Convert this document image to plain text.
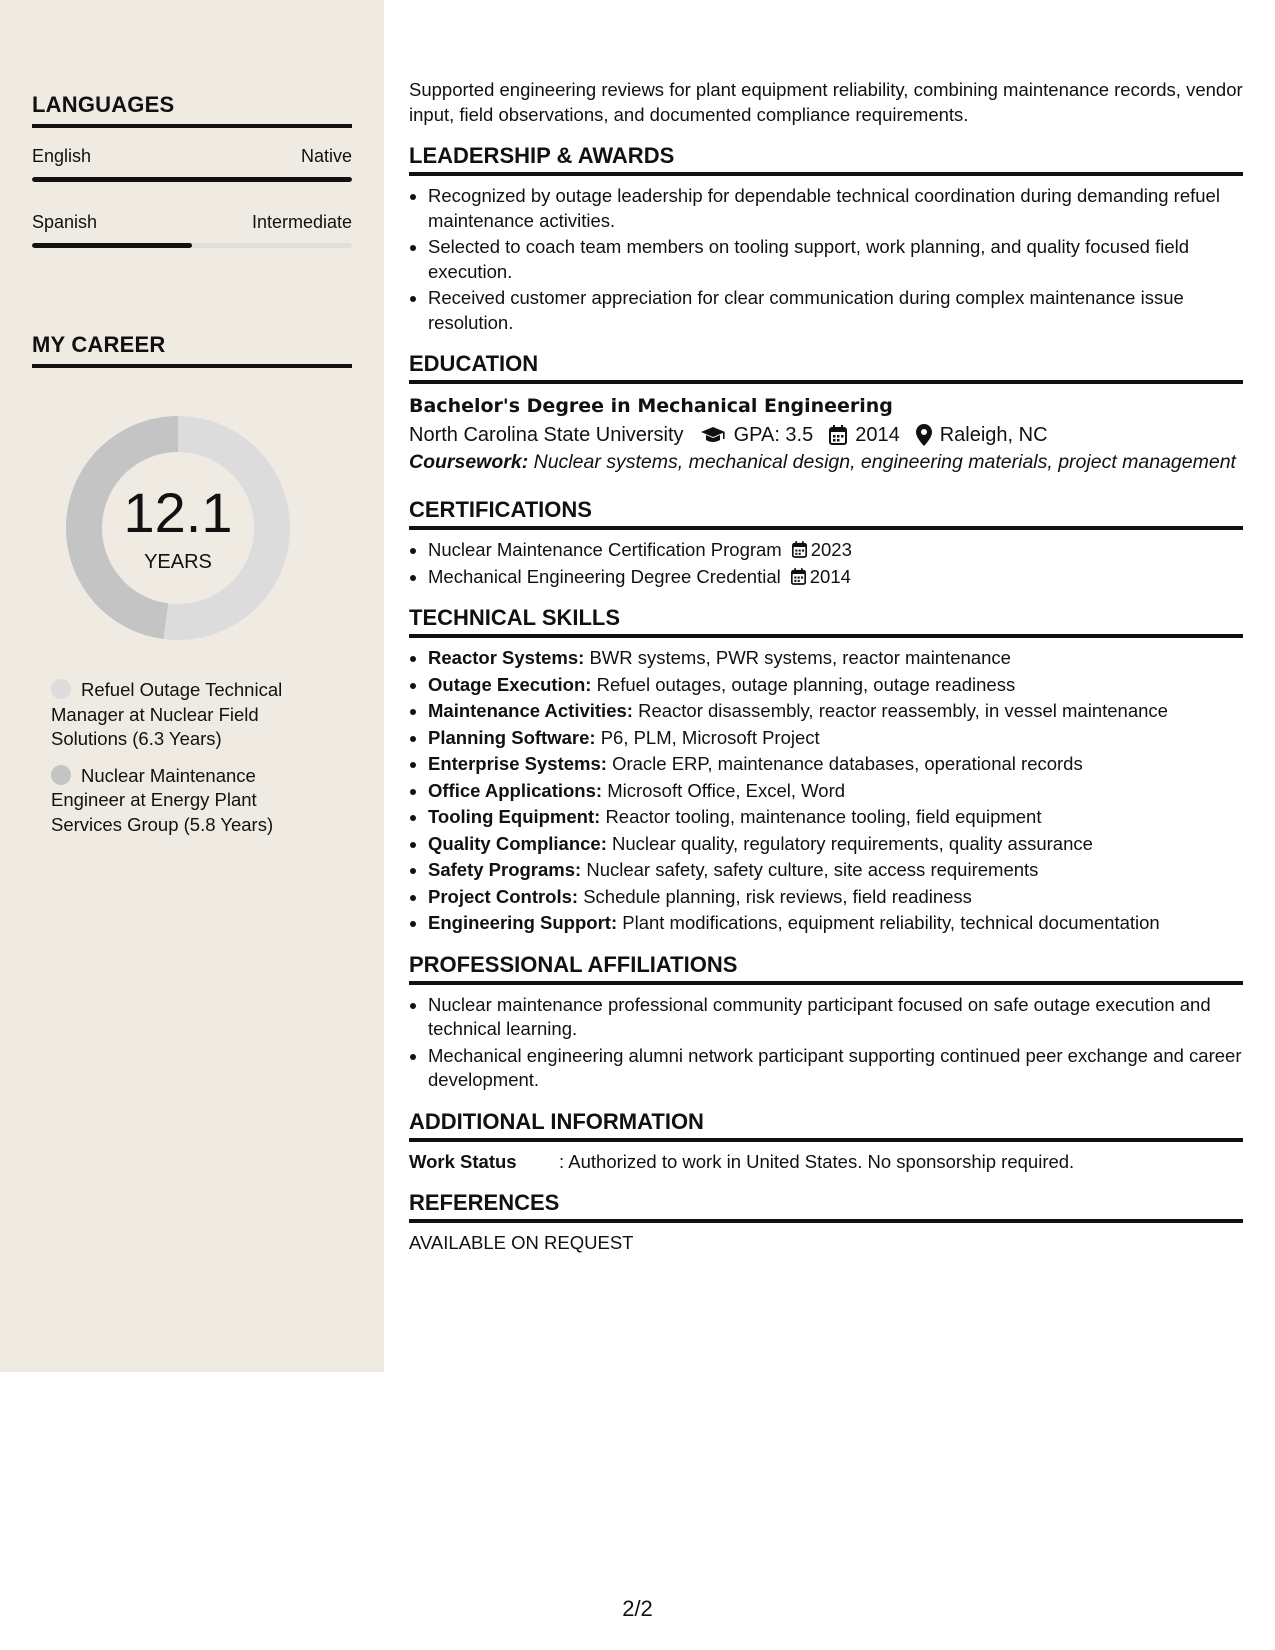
LANGUAGES
English	Native
Spanish	Intermediate
MY CAREER
12.1
YEARS
Refuel Outage Technical Manager at Nuclear Field Solutions (6.3 Years)
Nuclear Maintenance Engineer at Energy Plant Services Group (5.8 Years)

Supported engineering reviews for plant equipment reliability, combining maintenance records, vendor input, field observations, and documented compliance requirements.

LEADERSHIP & AWARDS
• Recognized by outage leadership for dependable technical coordination during demanding refuel maintenance activities.
• Selected to coach team members on tooling support, work planning, and quality focused field execution.
• Received customer appreciation for clear communication during complex maintenance issue resolution.
EDUCATION
Bachelor's Degree in Mechanical Engineering
North Carolina State University	GPA: 3.5 2014 Raleigh, NC
Coursework: Nuclear systems, mechanical design, engineering materials, project management
CERTIFICATIONS
• Nuclear Maintenance Certification Program 2023
• Mechanical Engineering Degree Credential 2014
TECHNICAL SKILLS
• Reactor Systems: BWR systems, PWR systems, reactor maintenance
• Outage Execution: Refuel outages, outage planning, outage readiness
• Maintenance Activities: Reactor disassembly, reactor reassembly, in vessel maintenance
• Planning Software: P6, PLM, Microsoft Project
• Enterprise Systems: Oracle ERP, maintenance databases, operational records
• Office Applications: Microsoft Office, Excel, Word
• Tooling Equipment: Reactor tooling, maintenance tooling, field equipment
• Quality Compliance: Nuclear quality, regulatory requirements, quality assurance
• Safety Programs: Nuclear safety, safety culture, site access requirements
• Project Controls: Schedule planning, risk reviews, field readiness
• Engineering Support: Plant modifications, equipment reliability, technical documentation
PROFESSIONAL AFFILIATIONS
• Nuclear maintenance professional community participant focused on safe outage execution and technical learning.
• Mechanical engineering alumni network participant supporting continued peer exchange and career development.
ADDITIONAL INFORMATION
Work Status	: Authorized to work in United States. No sponsorship required.
REFERENCES
AVAILABLE ON REQUEST
2/2
